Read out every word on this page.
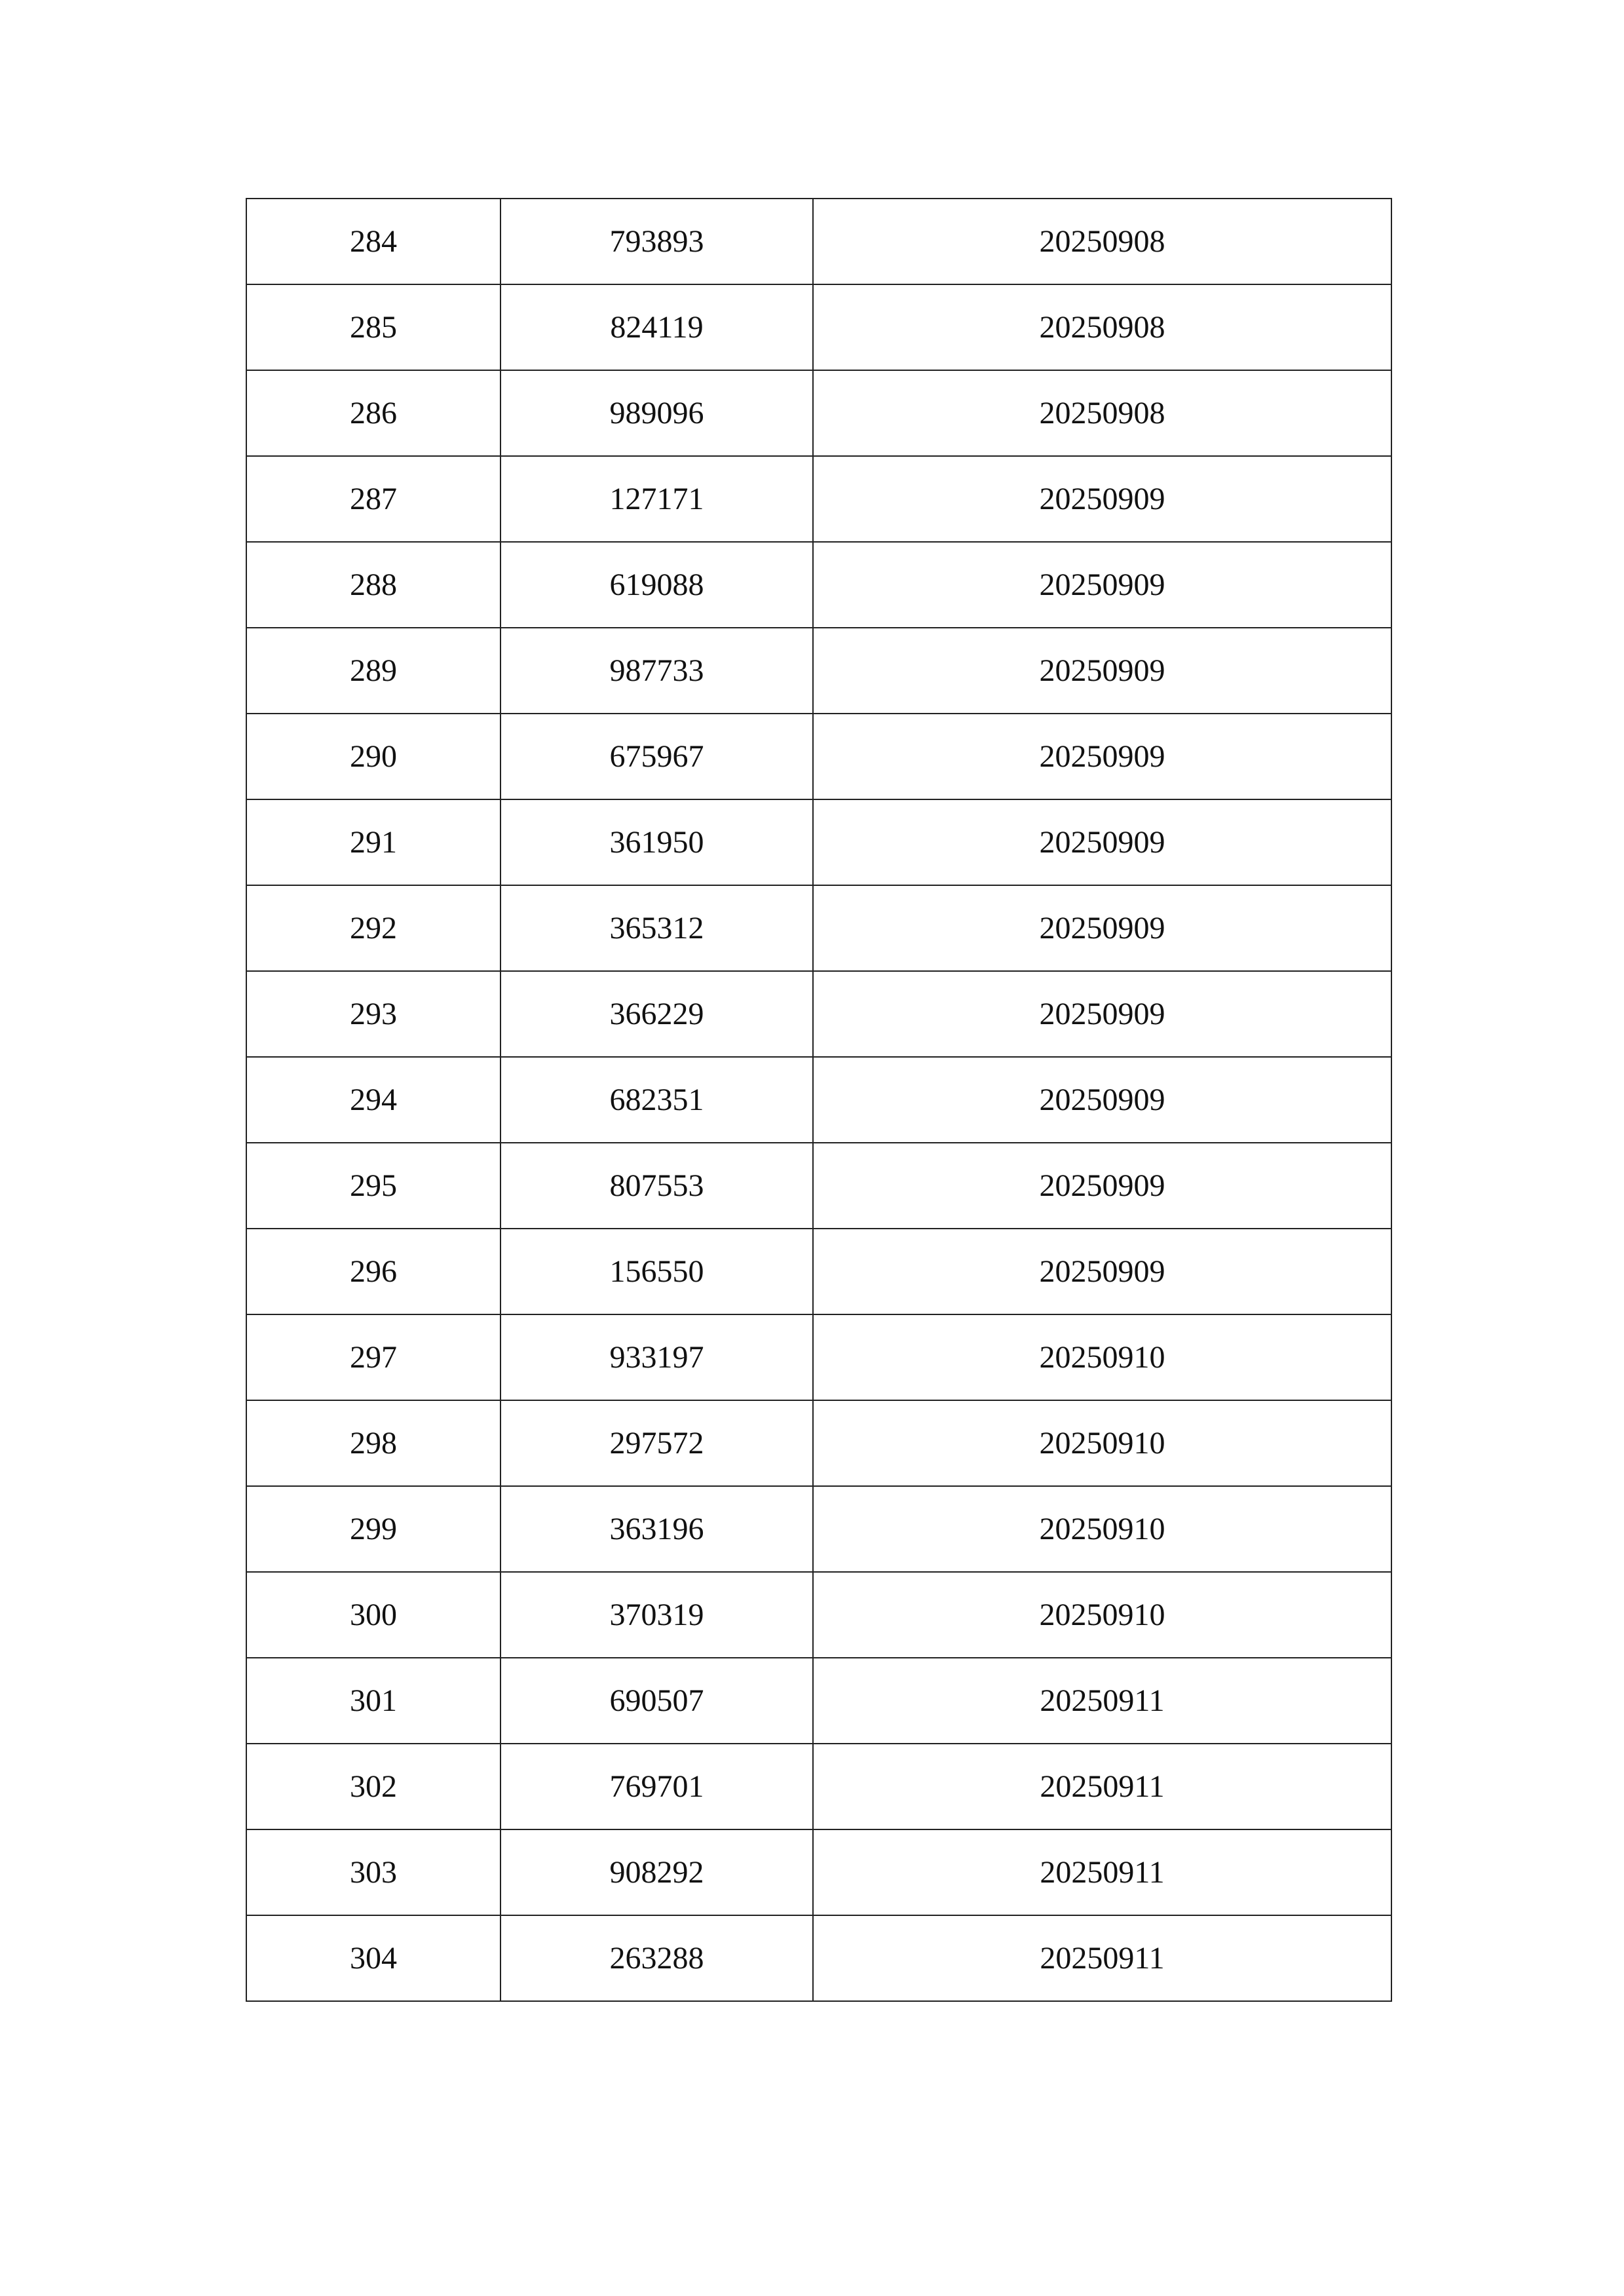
284	793893	20250908
285	824119	20250908
286	989096	20250908
287	127171	20250909
288	619088	20250909
289	987733	20250909
290	675967	20250909
291	361950	20250909
292	365312	20250909
293	366229	20250909
294	682351	20250909
295	807553	20250909
296	156550	20250909
297	933197	20250910
298	297572	20250910
299	363196	20250910
300	370319	20250910
301	690507	20250911
302	769701	20250911
303	908292	20250911
304	263288	20250911
